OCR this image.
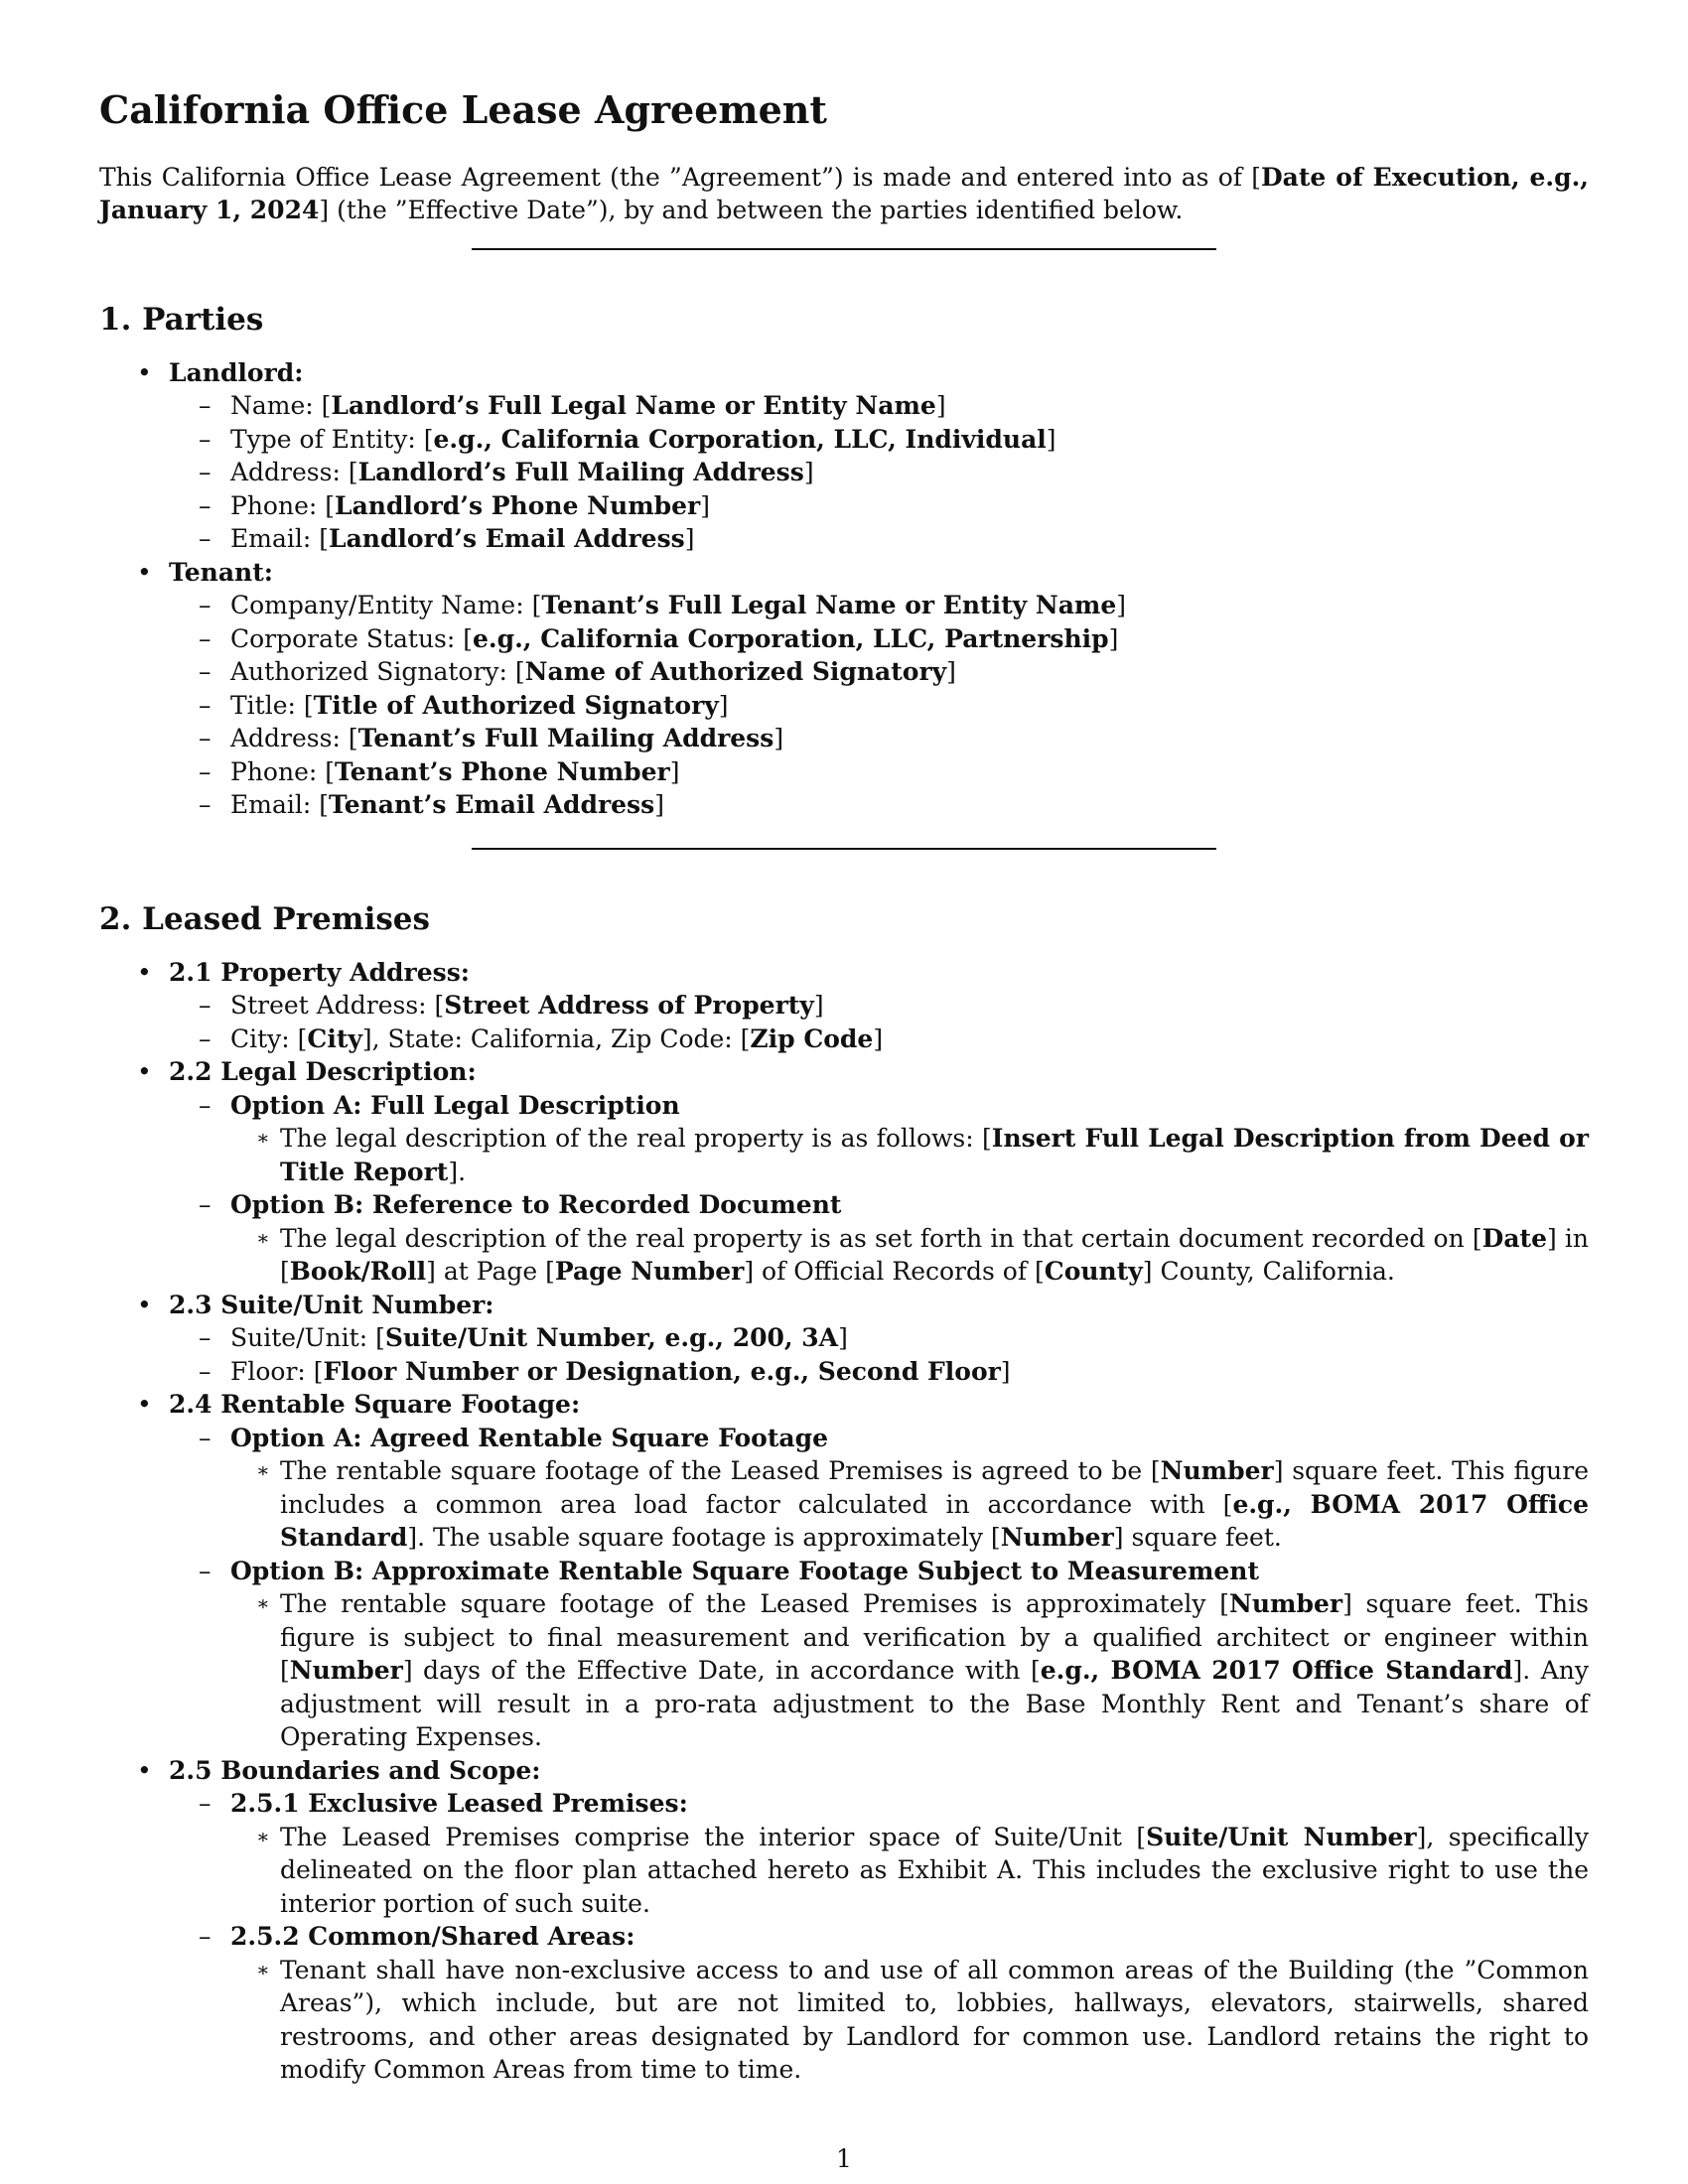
California Office Lease Agreement

This California Office Lease Agreement (the ”Agreement”) is made and entered into as of [Date of Execution, e.g., January 1, 2024] (the ”Effective Date”), by and between the parties identified below.

1. Parties
• Landlord:
– Name: [Landlord’s Full Legal Name or Entity Name]
– Type of Entity: [e.g., California Corporation, LLC, Individual]
– Address: [Landlord’s Full Mailing Address]
– Phone: [Landlord’s Phone Number]
– Email: [Landlord’s Email Address]
• Tenant:
– Company/Entity Name: [Tenant’s Full Legal Name or Entity Name]
– Corporate Status: [e.g., California Corporation, LLC, Partnership]
– Authorized Signatory: [Name of Authorized Signatory]
– Title: [Title of Authorized Signatory]
– Address: [Tenant’s Full Mailing Address]
– Phone: [Tenant’s Phone Number]
– Email: [Tenant’s Email Address]
2. Leased Premises
• 2.1 Property Address:
– Street Address: [Street Address of Property]
– City: [City], State: California, Zip Code: [Zip Code]
• 2.2 Legal Description:
– Option A: Full Legal Description
∗ The legal description of the real property is as follows: [Insert Full Legal Description from Deed or Title Report].
– Option B: Reference to Recorded Document
∗ The legal description of the real property is as set forth in that certain document recorded on [Date] in [Book/Roll] at Page [Page Number] of Official Records of [County] County, California.
• 2.3 Suite/Unit Number:
– Suite/Unit: [Suite/Unit Number, e.g., 200, 3A]
– Floor: [Floor Number or Designation, e.g., Second Floor]
• 2.4 Rentable Square Footage:
– Option A: Agreed Rentable Square Footage
∗ The rentable square footage of the Leased Premises is agreed to be [Number] square feet. This figure includes a common area load factor calculated in accordance with [e.g., BOMA 2017 Office Standard]. The usable square footage is approximately [Number] square feet.
– Option B: Approximate Rentable Square Footage Subject to Measurement
∗ The rentable square footage of the Leased Premises is approximately [Number] square feet. This figure is subject to final measurement and verification by a qualified architect or engineer within [Number] days of the Effective Date, in accordance with [e.g., BOMA 2017 Office Standard]. Any adjustment will result in a pro-rata adjustment to the Base Monthly Rent and Tenant’s share of Operating Expenses.
• 2.5 Boundaries and Scope:
– 2.5.1 Exclusive Leased Premises:
∗ The Leased Premises comprise the interior space of Suite/Unit [Suite/Unit Number], specifically delineated on the floor plan attached hereto as Exhibit A. This includes the exclusive right to use the interior portion of such suite.
– 2.5.2 Common/Shared Areas:
∗ Tenant shall have non-exclusive access to and use of all common areas of the Building (the ”Common Areas”), which include, but are not limited to, lobbies, hallways, elevators, stairwells, shared restrooms, and other areas designated by Landlord for common use. Landlord retains the right to modify Common Areas from time to time.
1
